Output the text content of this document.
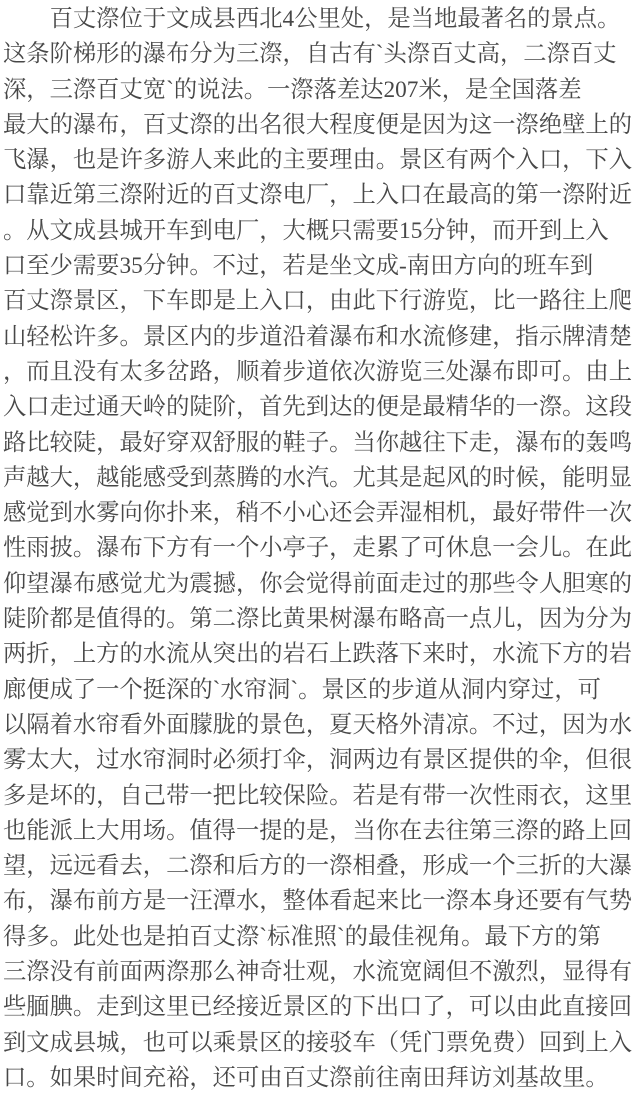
　　百丈漈位于文成县西北4公里处，是当地最著名的景点。
这条阶梯形的瀑布分为三漈，自古有`头漈百丈高，二漈百丈
深，三漈百丈宽`的说法。一漈落差达207米，是全国落差
最大的瀑布，百丈漈的出名很大程度便是因为这一漈绝壁上的
飞瀑，也是许多游人来此的主要理由。景区有两个入口，下入
口靠近第三漈附近的百丈漈电厂，上入口在最高的第一漈附近
。从文成县城开车到电厂，大概只需要15分钟，而开到上入
口至少需要35分钟。不过，若是坐文成-南田方向的班车到
百丈漈景区，下车即是上入口，由此下行游览，比一路往上爬
山轻松许多。景区内的步道沿着瀑布和水流修建，指示牌清楚
，而且没有太多岔路，顺着步道依次游览三处瀑布即可。由上
入口走过通天岭的陡阶，首先到达的便是最精华的一漈。这段
路比较陡，最好穿双舒服的鞋子。当你越往下走，瀑布的轰鸣
声越大，越能感受到蒸腾的水汽。尤其是起风的时候，能明显
感觉到水雾向你扑来，稍不小心还会弄湿相机，最好带件一次
性雨披。瀑布下方有一个小亭子，走累了可休息一会儿。在此
仰望瀑布感觉尤为震撼，你会觉得前面走过的那些令人胆寒的
陡阶都是值得的。第二漈比黄果树瀑布略高一点儿，因为分为
两折，上方的水流从突出的岩石上跌落下来时，水流下方的岩
廊便成了一个挺深的`水帘洞`。景区的步道从洞内穿过，可
以隔着水帘看外面朦胧的景色，夏天格外清凉。不过，因为水
雾太大，过水帘洞时必须打伞，洞两边有景区提供的伞，但很
多是坏的，自己带一把比较保险。若是有带一次性雨衣，这里
也能派上大用场。值得一提的是，当你在去往第三漈的路上回
望，远远看去，二漈和后方的一漈相叠，形成一个三折的大瀑
布，瀑布前方是一汪潭水，整体看起来比一漈本身还要有气势
得多。此处也是拍百丈漈`标准照`的最佳视角。最下方的第
三漈没有前面两漈那么神奇壮观，水流宽阔但不激烈，显得有
些腼腆。走到这里已经接近景区的下出口了，可以由此直接回
到文成县城，也可以乘景区的接驳车（凭门票免费）回到上入
口。如果时间充裕，还可由百丈漈前往南田拜访刘基故里。
